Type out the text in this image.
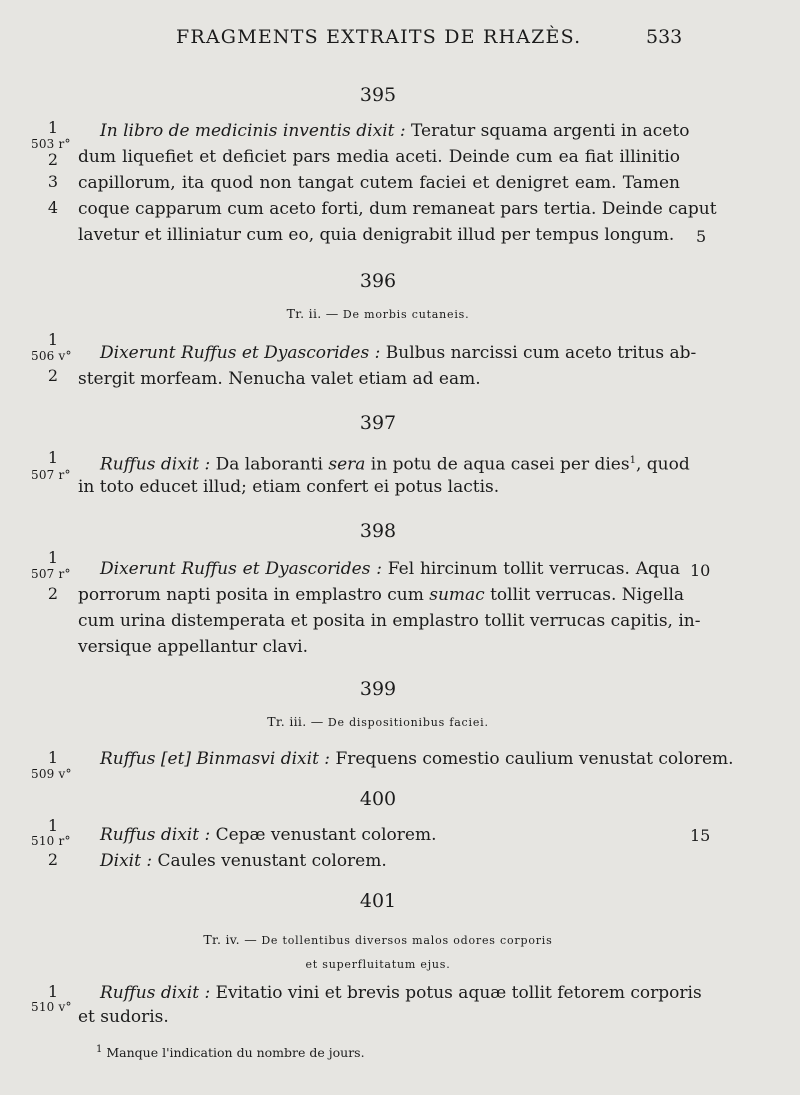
FRAGMENTS EXTRAITS DE RHAZÈS.	533
395
1
503 r°
2
3
4
In libro de medicinis inventis dixit : Teratur squama argenti in aceto
dum liquefiet et deficiet pars media aceti. Deinde cum ea fiat illinitio
capillorum, ita quod non tangat cutem faciei et denigret eam. Tamen
coque capparum cum aceto forti, dum remaneat pars tertia. Deinde caput
lavetur et illiniatur cum eo, quia denigrabit illud per tempus longum.	5
396
Tr. ii. — De morbis cutaneis.
1
506 v°
2
Dixerunt Ruffus et Dyascorides : Bulbus narcissi cum aceto tritus ab-
stergit morfeam. Nenucha valet etiam ad eam.
397
1
507 r°
Ruffus dixit : Da laboranti sera in potu de aqua casei per dies$^1$, quod
in toto educet illud; etiam confert ei potus lactis.
398
1
507 r°
2
Dixerunt Ruffus et Dyascorides : Fel hircinum tollit verrucas. Aqua 10
porrorum napti posita in emplastro cum sumac tollit verrucas. Nigella
cum urina distemperata et posita in emplastro tollit verrucas capitis, in-
versique appellantur clavi.
399
Tr. iii. — De dispositionibus faciei.
1
509 v°
Ruffus [et] Binmasvi dixit : Frequens comestio caulium venustat colorem.
400
1
510 r°
2
Ruffus dixit : Cepæ venustant colorem.	15
Dixit : Caules venustant colorem.
401
Tr. iv. — De tollentibus diversos malos odores corporis
et superfluitatum ejus.
1
510 v°
Ruffus dixit : Evitatio vini et brevis potus aquæ tollit fetorem corporis
et sudoris.
$^1$ Manque l'indication du nombre de jours.
